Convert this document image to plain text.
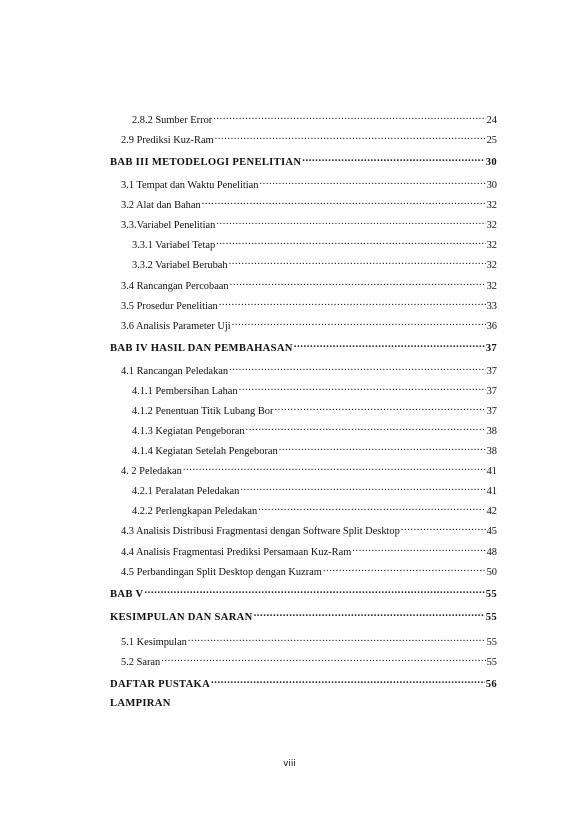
2.8.2 Sumber Error .....	24
2.9 Prediksi Kuz-Ram .....	25
BAB III METODELOGI PENELITIAN .....	30
3.1 Tempat dan Waktu Penelitian .....	30
3.2 Alat dan Bahan .....	32
3.3.Variabel Penelitian .....	32
3.3.1 Variabel Tetap .....	32
3.3.2 Variabel Berubah .....	32
3.4 Rancangan Percobaan .....	32
3.5 Prosedur Penelitian .....	33
3.6 Analisis Parameter Uji .....	36
BAB IV HASIL DAN PEMBAHASAN .....	37
4.1 Rancangan Peledakan .....	37
4.1.1 Pembersihan Lahan .....	37
4.1.2 Penentuan Titik Lubang Bor .....	37
4.1.3 Kegiatan Pengeboran .....	38
4.1.4 Kegiatan Setelah Pengeboran .....	38
4. 2 Peledakan .....	41
4.2.1 Peralatan Peledakan .....	41
4.2.2 Perlengkapan Peledakan .....	42
4.3 Analisis Distribusi Fragmentasi dengan Software Split Desktop .....	45
4.4 Analisis Fragmentasi Prediksi Persamaan Kuz-Ram .....	48
4.5 Perbandingan Split Desktop dengan Kuzram .....	50
BAB V .....	55
KESIMPULAN DAN SARAN .....	55
5.1 Kesimpulan .....	55
5.2 Saran .....	55
DAFTAR PUSTAKA .....	56
LAMPIRAN
viii
